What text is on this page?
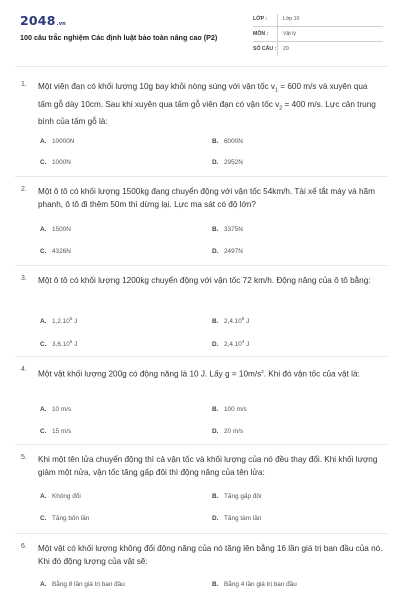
2048.vn
100 câu trắc nghiệm Các định luật bảo toàn nâng cao (P2)
LỚP :	Lớp 10
MÔN :	Vật lý
SỐ CÂU : 20
1. Một viên đạn có khối lượng 10g bay khỏi nòng súng với vận tốc $v_1 = 600$ m/s và xuyên qua tấm gỗ dày 10cm. Sau khi xuyên qua tấm gỗ viên đạn có vận tốc $v_2 = 400$ m/s. Lực cản trung bình của tấm gỗ là:
A. 10000N	B. 6000N
C. 1000N	D. 2952N
2. Một ô tô có khối lượng 1500kg đang chuyển động với vận tốc 54km/h. Tài xế tắt máy và hãm phanh, ô tô đi thêm 50m thì dừng lại. Lực ma sát có độ lớn?
A. 1500N	B. 3375N
C. 4326N	D. 2497N
3. Một ô tô có khối lượng 1200kg chuyển động với vận tốc 72 km/h. Động năng của ô tô bằng:
A. 1,2.10$^5$ J	B. 2,4.10$^5$ J
C. 3,6.10$^5$ J	D. 2,4.10$^4$ J
4.
Một vật khối lượng 200g có động năng là 10 J. Lấy $g = 10m/s^2$. Khi đó vận tốc của vật là:
A. 10 m/s	B. 100 m/s
C. 15 m/s	D. 20 m/s
5. Khi một tên lửa chuyển động thì cả vận tốc và khối lượng của nó đều thay đổi. Khi khối lượng giảm một nửa, vận tốc tăng gấp đôi thì động năng của tên lửa:
A. Không đổi	B. Tăng gấp đôi
C. Tăng bốn lần	D. Tăng tám lần
6. Một vật có khối lượng không đổi động năng của nó tăng lên bằng 16 lần giá trị ban đầu của nó. Khi đó động lượng của vật sẽ:
A. Bằng 8 lần giá trị ban đầu	B. Bằng 4 lần giá trị ban đầu
